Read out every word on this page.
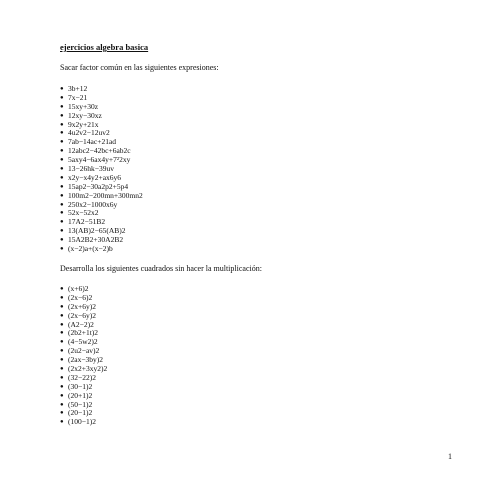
ejercicios algebra basica
Sacar factor común en las siguientes expresiones:
● 3b+12
● 7x−21
● 15xy+30z
● 12xy−30xz
● 9x2y+21x
● 4u2v2−12uv2
● 7ab−14ac+21ad
● 12abc2−42bc+6ab2c
● 5axy4−6ax4y+7²2xy
● 13−26hk−39uv
● x2y−x4y2+ax6y6
● 15ap2−30a2p2+5p4
● 100m2−200mn+300mn2
● 250x2−1000x6y
● 52x−52x2
● 17A2−51B2
● 13(AB)2−65(AB)2
● 15A2B2+30A2B2
● (x−2)a+(x−2)b
Desarrolla los siguientes cuadrados sin hacer la multiplicación:
● (x+6)2
● (2x−6)2
● (2x+6y)2
● (2x−6y)2
● (A2−2)2
● (2b2+1t)2
● (4−5w2)2
● (2u2−av)2
● (2ax−3by)2
● (2x2+3xy2)2
● (32−22)2
● (30−1)2
● (20+1)2
● (50−1)2
● (20−1)2
● (100−1)2
1
